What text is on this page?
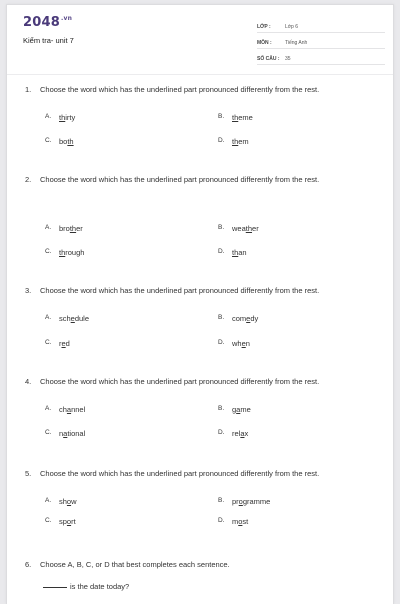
$2048^{.vn}$
Kiểm tra- unit 7
LỚP :	Lớp 6
MÔN :	Tiếng Anh
SỐ CÂU :	35
1.	Choose the word which has the underlined part pronounced differently from the rest.
A.	thirty	B.	theme
C.	both	D.	them
2.	Choose the word which has the underlined part pronounced differently from the rest.
A.	brother	B.	weather
C.	through	D.	than
3.	Choose the word which has the underlined part pronounced differently from the rest.
A.	schedule	B.	comedy
C.	red	D.	when
4.	Choose the word which has the underlined part pronounced differently from the rest.
A.	channel	B.	game
C.	national	D.	relax
5.	Choose the word which has the underlined part pronounced differently from the rest.
A.	show	B.	programme
C.	sport	D.	most
6.	Choose A, B, C, or D that best completes each sentence.
is the date today?
